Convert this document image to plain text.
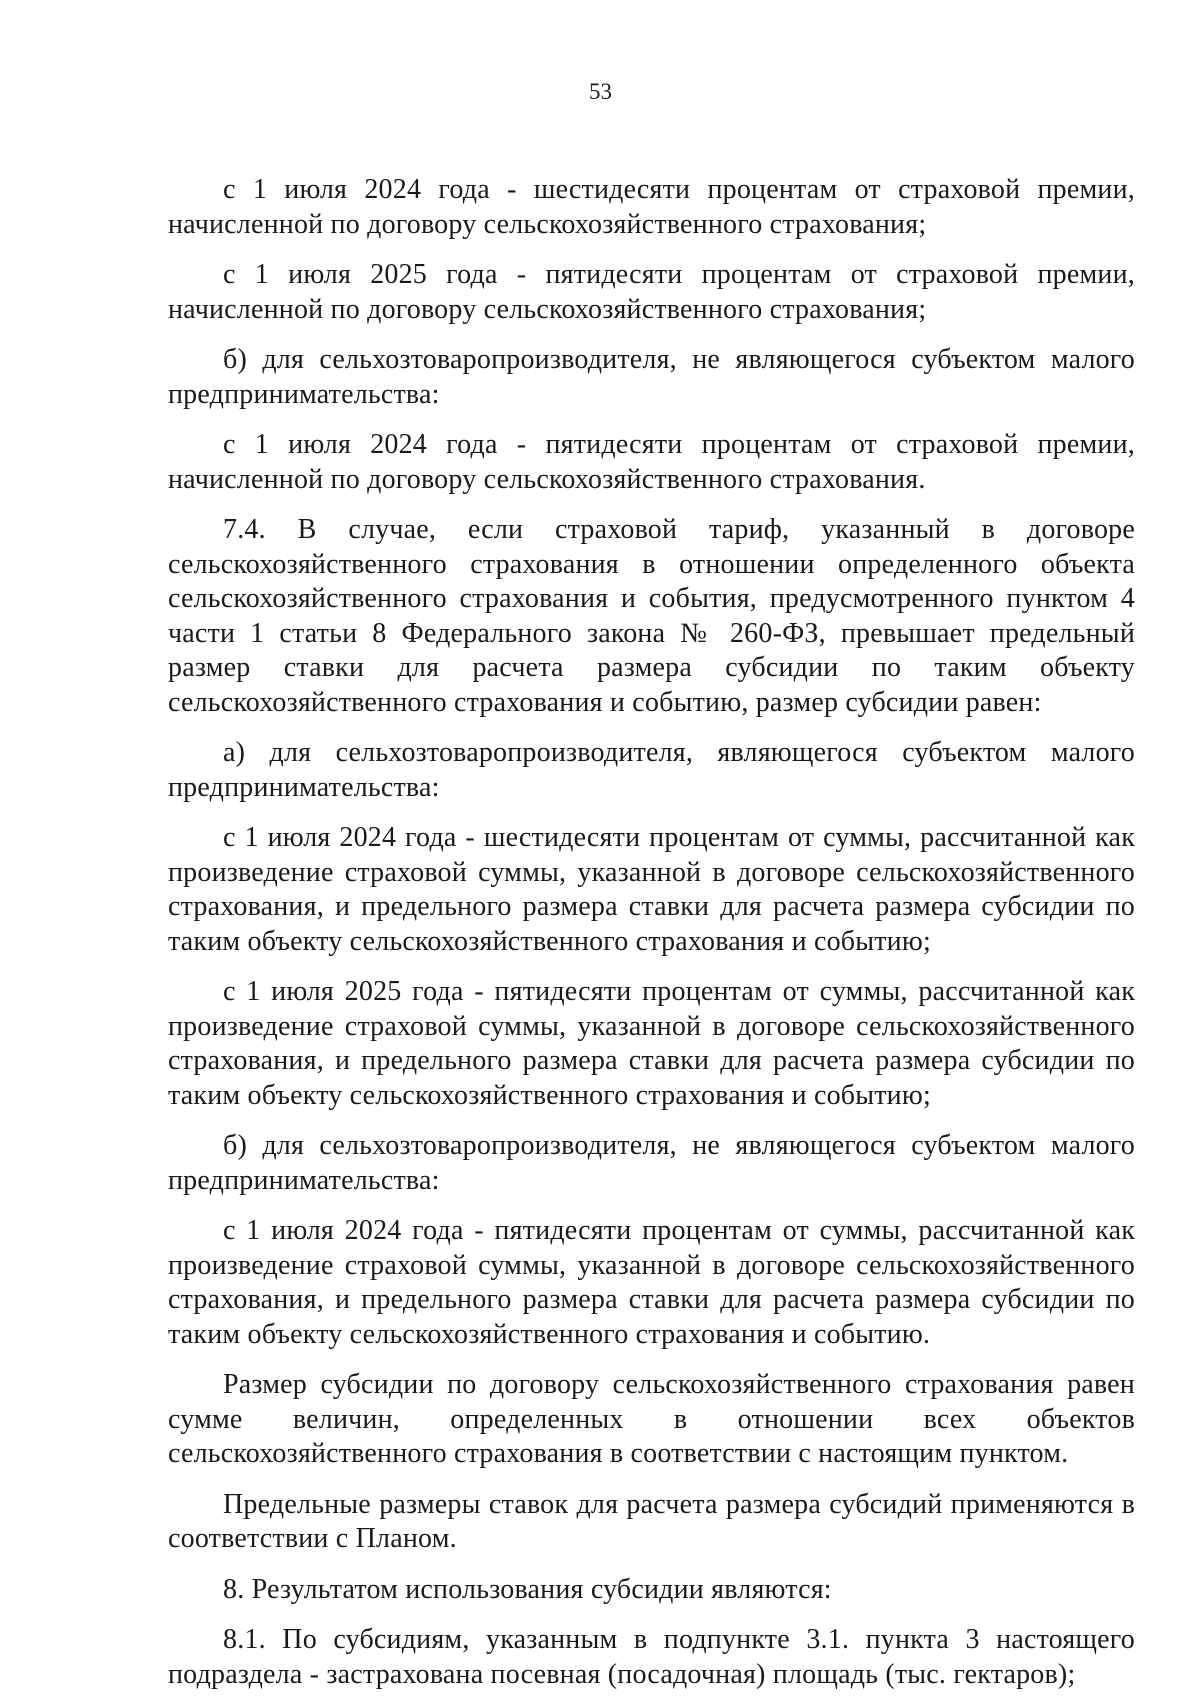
53

с 1 июля 2024 года - шестидесяти процентам от страховой премии, начисленной по договору сельскохозяйственного страхования;

с 1 июля 2025 года - пятидесяти процентам от страховой премии, начисленной по договору сельскохозяйственного страхования;

б) для сельхозтоваропроизводителя, не являющегося субъектом малого предпринимательства:

с 1 июля 2024 года - пятидесяти процентам от страховой премии, начисленной по договору сельскохозяйственного страхования.

7.4. В случае, если страховой тариф, указанный в договоре сельскохозяйственного страхования в отношении определенного объекта сельскохозяйственного страхования и события, предусмотренного пунктом 4 части 1 статьи 8 Федерального закона № 260-ФЗ, превышает предельный размер ставки для расчета размера субсидии по таким объекту сельскохозяйственного страхования и событию, размер субсидии равен:

а) для сельхозтоваропроизводителя, являющегося субъектом малого предпринимательства:

с 1 июля 2024 года - шестидесяти процентам от суммы, рассчитанной как произведение страховой суммы, указанной в договоре сельскохозяйственного страхования, и предельного размера ставки для расчета размера субсидии по таким объекту сельскохозяйственного страхования и событию;

с 1 июля 2025 года - пятидесяти процентам от суммы, рассчитанной как произведение страховой суммы, указанной в договоре сельскохозяйственного страхования, и предельного размера ставки для расчета размера субсидии по таким объекту сельскохозяйственного страхования и событию;

б) для сельхозтоваропроизводителя, не являющегося субъектом малого предпринимательства:

с 1 июля 2024 года - пятидесяти процентам от суммы, рассчитанной как произведение страховой суммы, указанной в договоре сельскохозяйственного страхования, и предельного размера ставки для расчета размера субсидии по таким объекту сельскохозяйственного страхования и событию.

Размер субсидии по договору сельскохозяйственного страхования равен сумме величин, определенных в отношении всех объектов сельскохозяйственного страхования в соответствии с настоящим пунктом.

Предельные размеры ставок для расчета размера субсидий применяются в соответствии с Планом.

8. Результатом использования субсидии являются:

8.1. По субсидиям, указанным в подпункте 3.1. пункта 3 настоящего подраздела - застрахована посевная (посадочная) площадь (тыс. гектаров);
